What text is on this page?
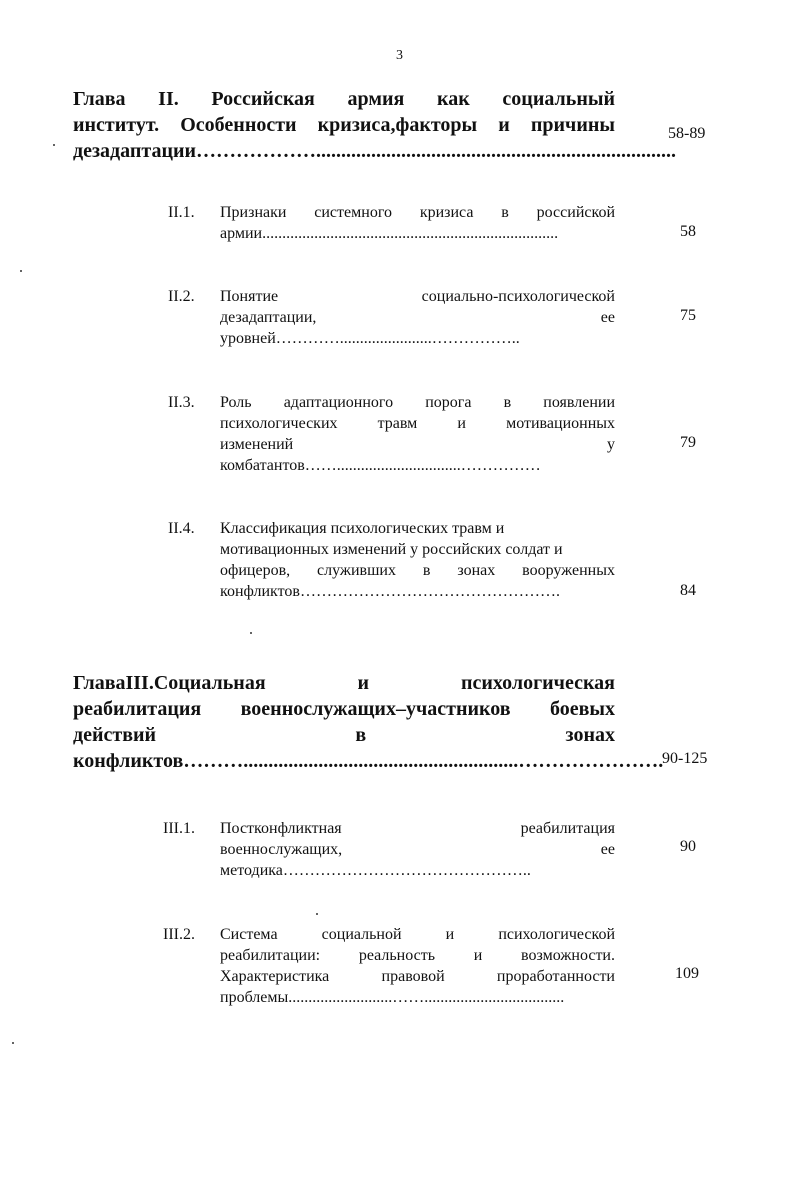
3
Глава II. Российская армия как социальный
институт. Особенности кризиса,факторы и причины
дезадаптации………………........................................................................
58-89
II.1. Признаки системного кризиса в российской
армии..........................................................................	58
II.2. Понятие социально-психологической
дезадаптации, ее
уровней………….......................……………..
75
II.3. Роль адаптационного порога в появлении
психологических травм и мотивационных
изменений у
комбатантов……...............................……………
79
II.4. Классификация психологических травм и
мотивационных изменений у российских солдат и
офицеров, служивших в зонах вооруженных
конфликтов………………………………………….	84
ГлаваIII.Социальная и психологическая
реабилитация военнослужащих–участников боевых
действий в зонах
конфликтов……….......................................................………………….
90-125
III.1. Постконфликтная реабилитация
военнослужащих, ее
методика………………………………………..
90
III.2. Система социальной и психологической
реабилитации: реальность и возможности.
Характеристика правовой проработанности
проблемы..........................……...................................
109
